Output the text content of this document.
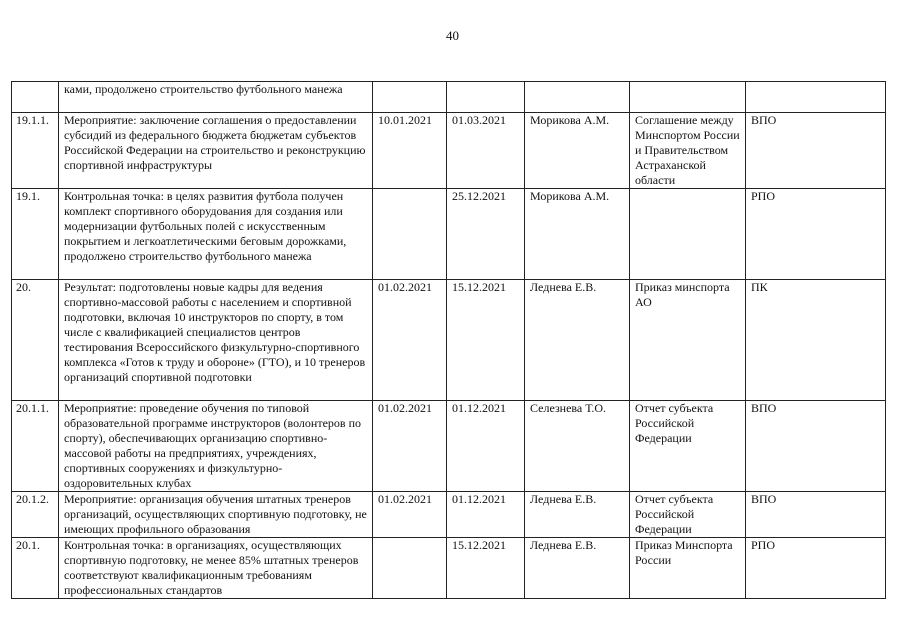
40
	ками, продолжено строительство футбольного манежа					
19.1.1.	Мероприятие: заключение соглашения о предоставлении субсидий из федерального бюджета бюджетам субъектов Российской Федерации на строительство и реконструкцию спортивной инфраструктуры	10.01.2021	01.03.2021	Морикова А.М.	Соглашение между Минспортом России и Правительством Астраханской области	ВПО
19.1.	Контрольная точка: в целях развития футбола получен комплект спортивного оборудования для создания или модернизации футбольных полей с искусственным покрытием и легкоатлетическими беговым дорожками, продолжено строительство футбольного манежа		25.12.2021	Морикова А.М.		РПО
20.	Результат: подготовлены новые кадры для ведения спортивно-массовой работы с населением и спортивной подготовки, включая 10 инструкторов по спорту, в том числе с квалификацией специалистов центров тестирования Всероссийского физкультурно-спортивного комплекса «Готов к труду и обороне» (ГТО), и 10 тренеров организаций спортивной подготовки	01.02.2021	15.12.2021	Леднева Е.В.	Приказ минспорта АО	ПК
20.1.1.	Мероприятие: проведение обучения по типовой образовательной программе инструкторов (волонтеров по спорту), обеспечивающих организацию спортивно-массовой работы на предприятиях, учреждениях, спортивных сооружениях и физкультурно-оздоровительных клубах	01.02.2021	01.12.2021	Селезнева Т.О.	Отчет субъекта Российской Федерации	ВПО
20.1.2.	Мероприятие: организация обучения штатных тренеров организаций, осуществляющих спортивную подготовку, не имеющих профильного образования	01.02.2021	01.12.2021	Леднева Е.В.	Отчет субъекта Российской Федерации	ВПО
20.1.	Контрольная точка: в организациях, осуществляющих спортивную подготовку, не менее 85% штатных тренеров соответствуют квалификационным требованиям профессиональных стандартов		15.12.2021	Леднева Е.В.	Приказ Минспорта России	РПО
